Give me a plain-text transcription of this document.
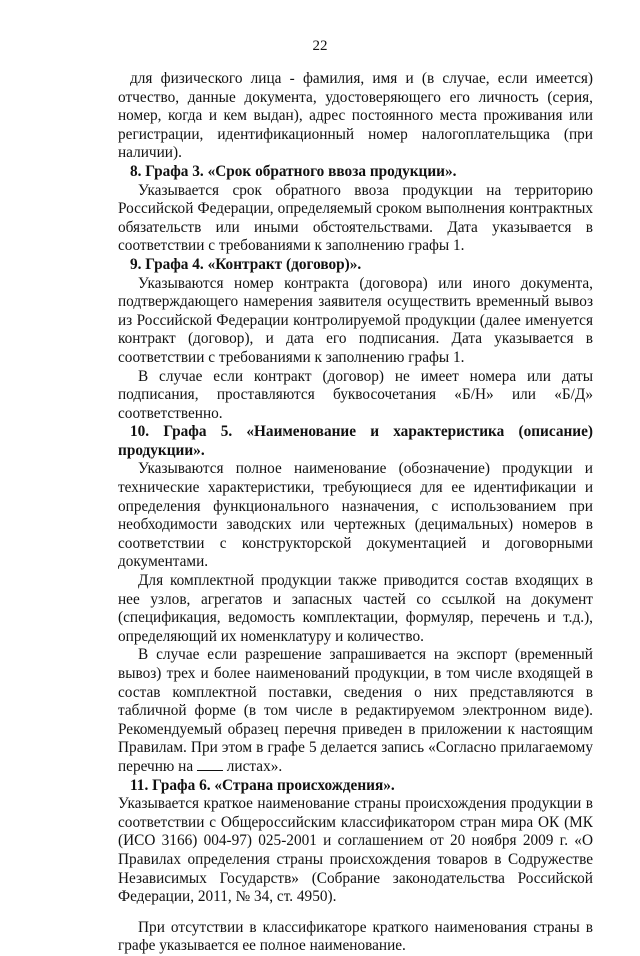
22

для физического лица - фамилия, имя и (в случае, если имеется) отчество, данные документа, удостоверяющего его личность (серия, номер, когда и кем выдан), адрес постоянного места проживания или регистрации, идентификационный номер налогоплательщика (при наличии).

8. Графа 3. «Срок обратного ввоза продукции».

Указывается срок обратного ввоза продукции на территорию Российской Федерации, определяемый сроком выполнения контрактных обязательств или иными обстоятельствами. Дата указывается в соответствии с требованиями к заполнению графы 1.

9. Графа 4. «Контракт (договор)».

Указываются номер контракта (договора) или иного документа, подтверждающего намерения заявителя осуществить временный вывоз из Российской Федерации контролируемой продукции (далее именуется контракт (договор), и дата его подписания. Дата указывается в соответствии с требованиями к заполнению графы 1.

В случае если контракт (договор) не имеет номера или даты подписания, проставляются буквосочетания «Б/Н» или «Б/Д» соответственно.

10. Графа 5. «Наименование и характеристика (описание) продукции».

Указываются полное наименование (обозначение) продукции и технические характеристики, требующиеся для ее идентификации и определения функционального назначения, с использованием при необходимости заводских или чертежных (децимальных) номеров в соответствии с конструкторской документацией и договорными документами.

Для комплектной продукции также приводится состав входящих в нее узлов, агрегатов и запасных частей со ссылкой на документ (спецификация, ведомость комплектации, формуляр, перечень и т.д.), определяющий их номенклатуру и количество.

В случае если разрешение запрашивается на экспорт (временный вывоз) трех и более наименований продукции, в том числе входящей в состав комплектной поставки, сведения о них представляются в табличной форме (в том числе в редактируемом электронном виде). Рекомендуемый образец перечня приведен в приложении к настоящим Правилам. При этом в графе 5 делается запись «Согласно прилагаемому перечню на листах».

11. Графа 6. «Страна происхождения».

Указывается краткое наименование страны происхождения продукции в соответствии с Общероссийским классификатором стран мира ОК (МК (ИСО 3166) 004-97) 025-2001 и соглашением от 20 ноября 2009 г. «О Правилах определения страны происхождения товаров в Содружестве Независимых Государств» (Собрание законодательства Российской Федерации, 2011, № 34, ст. 4950).

При отсутствии в классификаторе краткого наименования страны в графе указывается ее полное наименование.
